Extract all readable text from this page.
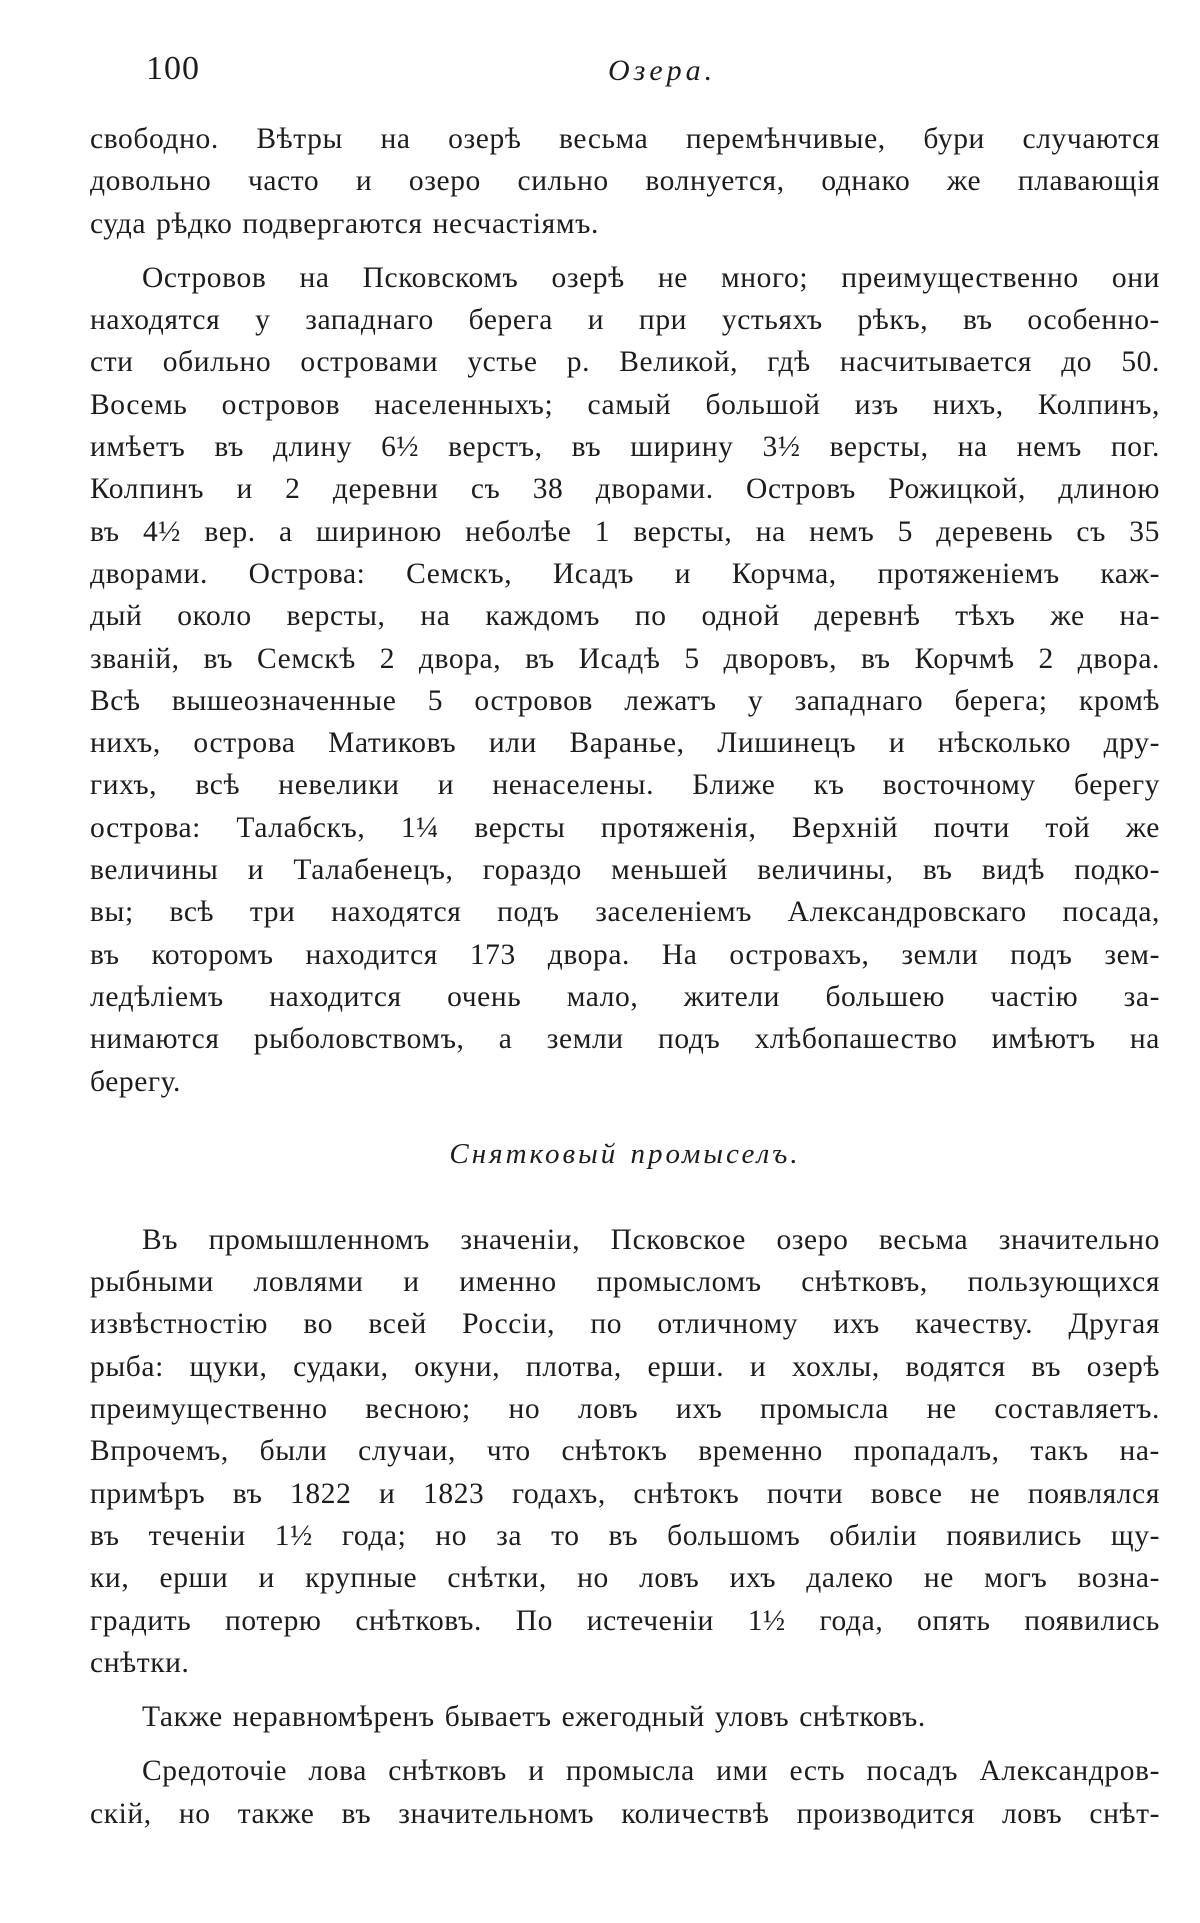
100	Озера.
свободно. Вѣтры на озерѣ весьма перемѣнчивые, бури случаются
довольно часто и озеро сильно волнуется, однако же плавающія
суда рѣдко подвергаются несчастіямъ.
Островов на Псковскомъ озерѣ не много; преимущественно они
находятся у западнаго берега и при устьяхъ рѣкъ, въ особенно-
сти обильно островами устье р. Великой, гдѣ насчитывается до 50.
Восемь островов населенныхъ; самый большой изъ нихъ, Колпинъ,
имѣетъ въ длину 6½ верстъ, въ ширину 3½ версты, на немъ пог.
Колпинъ и 2 деревни съ 38 дворами. Островъ Рожицкой, длиною
въ 4½ вер. а шириною неболѣе 1 версты, на немъ 5 деревень съ 35
дворами. Острова: Семскъ, Исадъ и Корчма, протяженіемъ каж-
дый около версты, на каждомъ по одной деревнѣ тѣхъ же на-
званій, въ Семскѣ 2 двора, въ Исадѣ 5 дворовъ, въ Корчмѣ 2 двора.
Всѣ вышеозначенные 5 островов лежатъ у западнаго берега; кромѣ
нихъ, острова Матиковъ или Варанье, Лишинецъ и нѣсколько дру-
гихъ, всѣ невелики и ненаселены. Ближе къ восточному берегу
острова: Талабскъ, 1¼ версты протяженія, Верхній почти той же
величины и Талабенецъ, гораздо меньшей величины, въ видѣ подко-
вы; всѣ три находятся подъ заселеніемъ Александровскаго посада,
въ которомъ находится 173 двора. На островахъ, земли подъ зем-
ледѣліемъ находится очень мало, жители большею частію за-
нимаются рыболовствомъ, а земли подъ хлѣбопашество имѣютъ на
берегу.
Снятковый промыселъ.
Въ промышленномъ значеніи, Псковское озеро весьма значительно
рыбными ловлями и именно промысломъ снѣтковъ, пользующихся
извѣстностію во всей Россіи, по отличному ихъ качеству. Другая
рыба: щуки, судаки, окуни, плотва, ерши. и хохлы, водятся въ озерѣ
преимущественно весною; но ловъ ихъ промысла не составляетъ.
Впрочемъ, были случаи, что снѣтокъ временно пропадалъ, такъ на-
примѣръ въ 1822 и 1823 годахъ, снѣтокъ почти вовсе не появлялся
въ теченіи 1½ года; но за то въ большомъ обиліи появились щу-
ки, ерши и крупные снѣтки, но ловъ ихъ далеко не могъ возна-
градить потерю снѣтковъ. По истеченіи 1½ года, опять появились
снѣтки.
Также неравномѣренъ бываетъ ежегодный уловъ снѣтковъ.
Средоточіе лова снѣтковъ и промысла ими есть посадъ Александров-
скій, но также въ значительномъ количествѣ производится ловъ снѣт-
